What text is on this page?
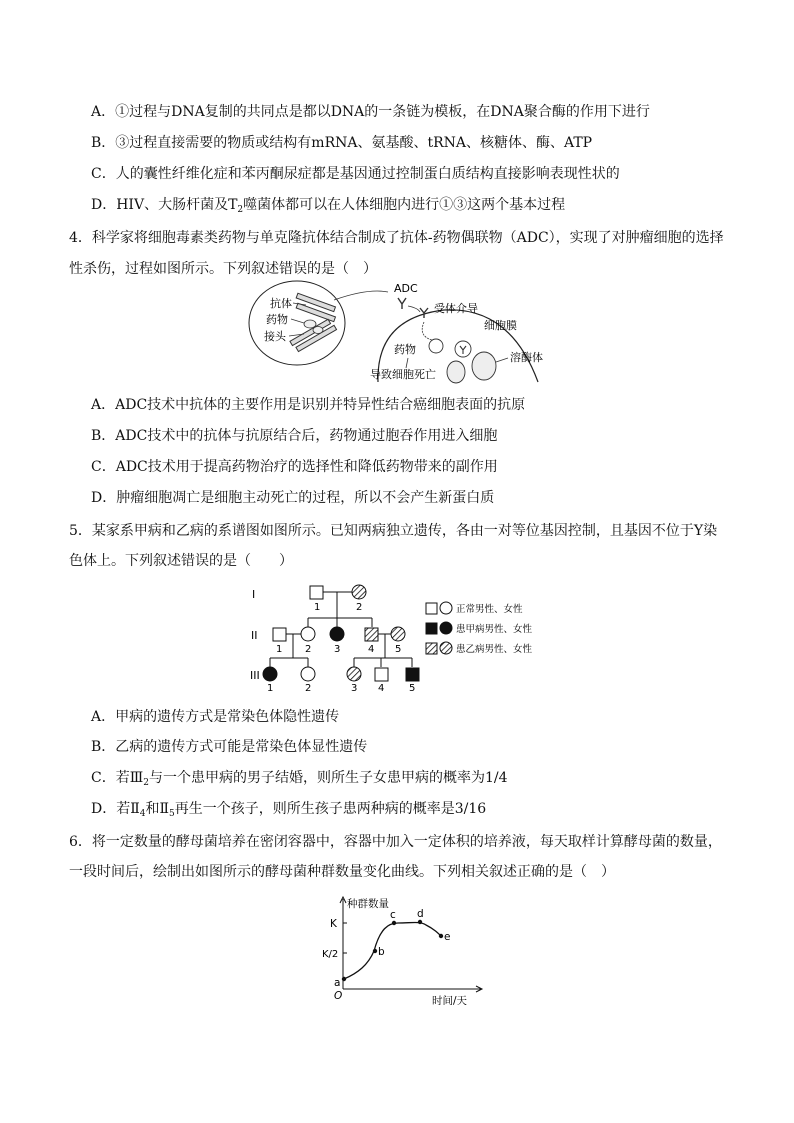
A．①过程与DNA复制的共同点是都以DNA的一条链为模板，在DNA聚合酶的作用下进行
B．③过程直接需要的物质或结构有mRNA、氨基酸、tRNA、核糖体、酶、ATP
C．人的囊性纤维化症和苯丙酮尿症都是基因通过控制蛋白质结构直接影响表现性状的
D．HIV、大肠杆菌及$T_2$噬菌体都可以在人体细胞内进行①③这两个基本过程
4．科学家将细胞毒素类药物与单克隆抗体结合制成了抗体-药物偶联物（ADC），实现了对肿瘤细胞的选择
性杀伤，过程如图所示。下列叙述错误的是（　）
抗体
药物
接头
ADC
受体介导
细胞膜
溶酶体
药物
导致细胞死亡
A．ADC技术中抗体的主要作用是识别并特异性结合癌细胞表面的抗原
B．ADC技术中的抗体与抗原结合后，药物通过胞吞作用进入细胞
C．ADC技术用于提高药物治疗的选择性和降低药物带来的副作用
D．肿瘤细胞凋亡是细胞主动死亡的过程，所以不会产生新蛋白质
5．某家系甲病和乙病的系谱图如图所示。已知两病独立遗传，各由一对等位基因控制，且基因不位于Y染
色体上。下列叙述错误的是（　　）
I
II
III
1	2
1 2 3	4 5
1	2	3 4 5
正常男性、女性
患甲病男性、女性
患乙病男性、女性
A．甲病的遗传方式是常染色体隐性遗传
B．乙病的遗传方式可能是常染色体显性遗传
C．若$Ⅲ_2$与一个患甲病的男子结婚，则所生子女患甲病的概率为1/4
D．若$Ⅱ_4$和$Ⅱ_5$再生一个孩子，则所生孩子患两种病的概率是3/16
6．将一定数量的酵母菌培养在密闭容器中，容器中加入一定体积的培养液，每天取样计算酵母菌的数量，
一段时间后，绘制出如图所示的酵母菌种群数量变化曲线。下列相关叙述正确的是（　）
种群数量
时间/天
K
K/2
O
a
b
c d
e
